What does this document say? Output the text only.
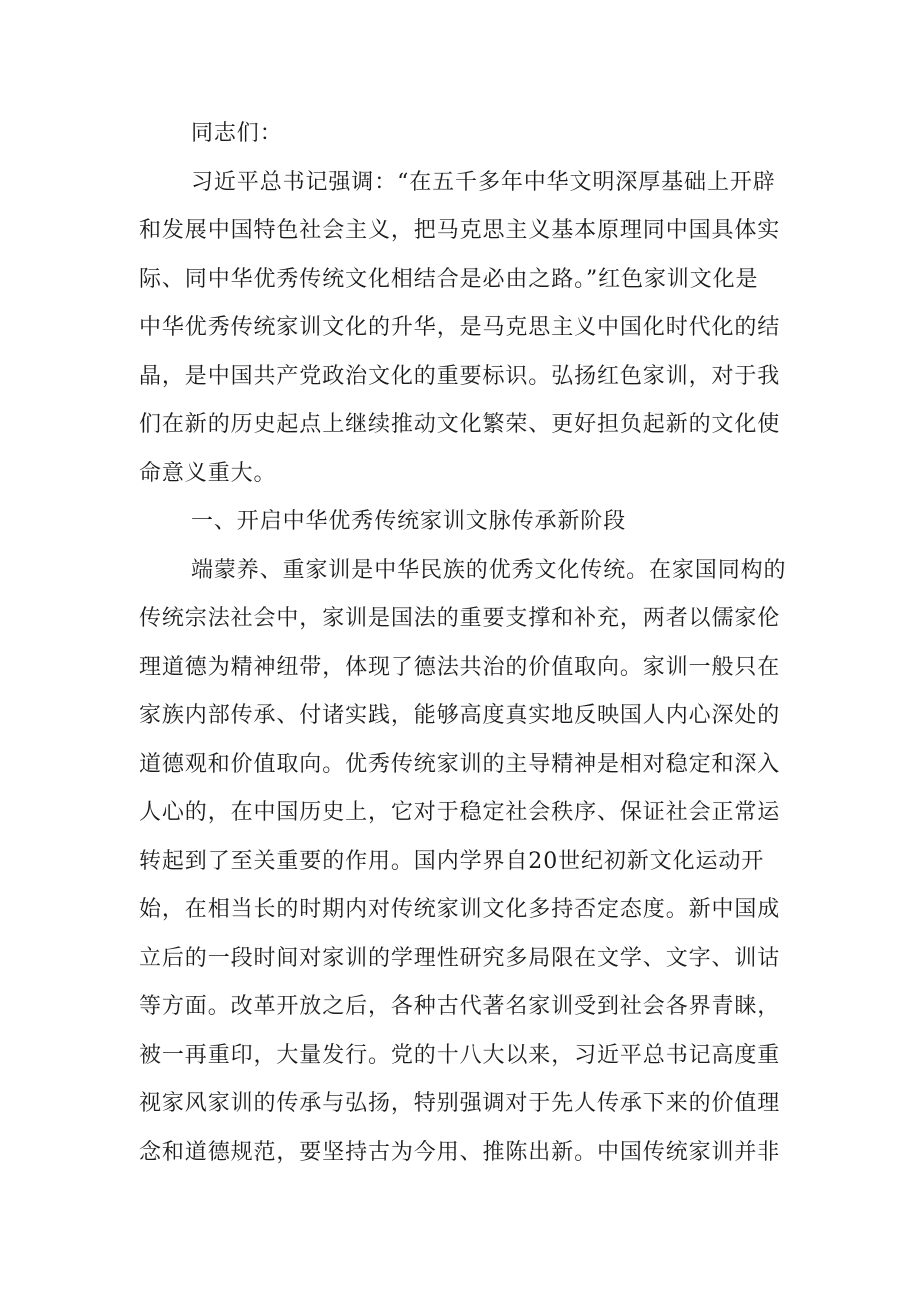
同志们：
习近平总书记强调：“在五千多年中华文明深厚基础上开辟
和发展中国特色社会主义，把马克思主义基本原理同中国具体实
际、同中华优秀传统文化相结合是必由之路。”红色家训文化是
中华优秀传统家训文化的升华，是马克思主义中国化时代化的结
晶，是中国共产党政治文化的重要标识。弘扬红色家训，对于我
们在新的历史起点上继续推动文化繁荣、更好担负起新的文化使
命意义重大。
一、开启中华优秀传统家训文脉传承新阶段
端蒙养、重家训是中华民族的优秀文化传统。在家国同构的
传统宗法社会中，家训是国法的重要支撑和补充，两者以儒家伦
理道德为精神纽带，体现了德法共治的价值取向。家训一般只在
家族内部传承、付诸实践，能够高度真实地反映国人内心深处的
道德观和价值取向。优秀传统家训的主导精神是相对稳定和深入
人心的，在中国历史上，它对于稳定社会秩序、保证社会正常运
转起到了至关重要的作用。国内学界自20世纪初新文化运动开
始，在相当长的时期内对传统家训文化多持否定态度。新中国成
立后的一段时间对家训的学理性研究多局限在文学、文字、训诂
等方面。改革开放之后，各种古代著名家训受到社会各界青睐，
被一再重印，大量发行。党的十八大以来，习近平总书记高度重
视家风家训的传承与弘扬，特别强调对于先人传承下来的价值理
念和道德规范，要坚持古为今用、推陈出新。中国传统家训并非
